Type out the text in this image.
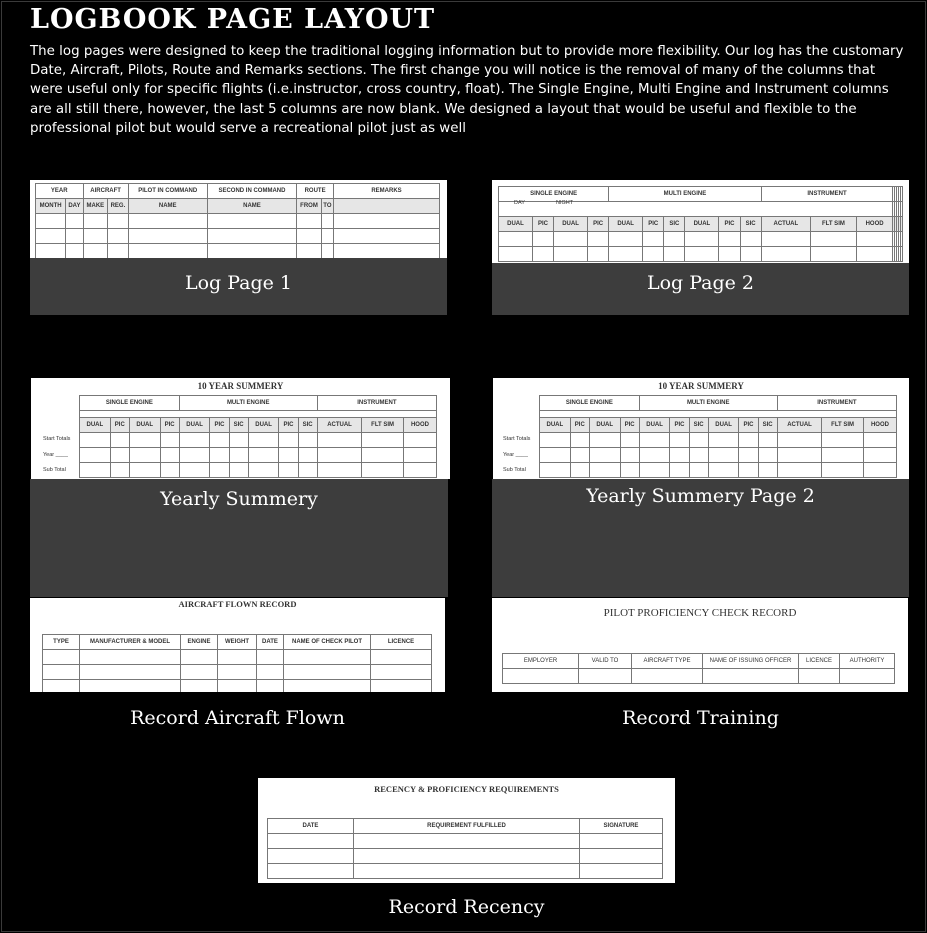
LOGBOOK PAGE LAYOUT

The log pages were designed to keep the traditional logging information but to provide more flexibility. Our log has the customary Date, Aircraft, Pilots, Route and Remarks sections. The first change you will notice is the removal of many of the columns that were useful only for specific flights (i.e.instructor, cross country, float). The Single Engine, Multi Engine and Instrument columns are all still there, however, the last 5 columns are now blank. We designed a layout that would be useful and flexible to the professional pilot but would serve a recreational pilot just as well

YEAR		AIRCRAFT		PILOT IN COMMAND	SECOND IN COMMAND	ROUTE		REMARKS
MONTH	DAY	MAKE	REG.	NAME	NAME	FROM	TO	

Log Page 1
SINGLE ENGINE				MULTI ENGINE						INSTRUMENT							

DUAL	PIC	DUAL	PIC	DUAL	PIC	SIC	DUAL	PIC	SIC	ACTUAL	FLT SIM	HOOD					

DAY	NIGHT
Log Page 2
10 YEAR SUMMERY
SINGLE ENGINE				MULTI ENGINE						INSTRUMENT		

DUAL	PIC	DUAL	PIC	DUAL	PIC	SIC	DUAL	PIC	SIC	ACTUAL	FLT SIM	HOOD

Start Totals
Year ____
Sub Total
Yearly Summery
10 YEAR SUMMERY
SINGLE ENGINE				MULTI ENGINE						INSTRUMENT		

DUAL	PIC	DUAL	PIC	DUAL	PIC	SIC	DUAL	PIC	SIC	ACTUAL	FLT SIM	HOOD

Start Totals
Year ____
Sub Total
Yearly Summery Page 2
AIRCRAFT FLOWN RECORD
TYPE	MANUFACTURER & MODEL	ENGINE	WEIGHT	DATE	NAME OF CHECK PILOT	LICENCE

Record Aircraft Flown
PILOT PROFICIENCY CHECK RECORD
EMPLOYER	VALID TO	AIRCRAFT TYPE	NAME OF ISSUING OFFICER	LICENCE	AUTHORITY

Record Training
RECENCY & PROFICIENCY REQUIREMENTS
DATE	REQUIREMENT FULFILLED	SIGNATURE

Record Recency
